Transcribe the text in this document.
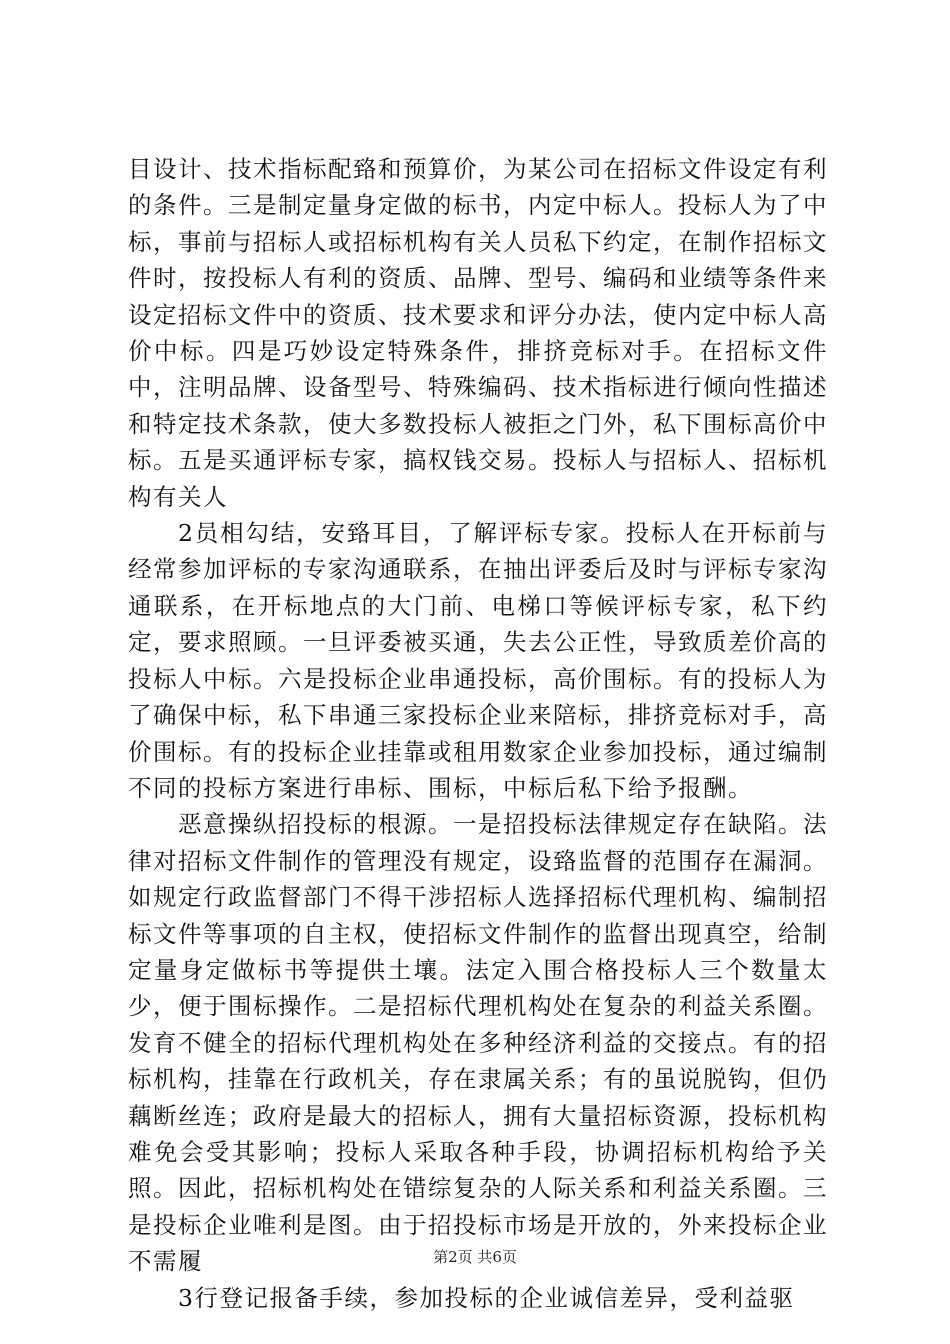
目设计、技术指标配臵和预算价，为某公司在招标文件设定有利的条件。三是制定量身定做的标书，内定中标人。投标人为了中标，事前与招标人或招标机构有关人员私下约定，在制作招标文件时，按投标人有利的资质、品牌、型号、编码和业绩等条件来设定招标文件中的资质、技术要求和评分办法，使内定中标人高价中标。四是巧妙设定特殊条件，排挤竞标对手。在招标文件中，注明品牌、设备型号、特殊编码、技术指标进行倾向性描述和特定技术条款，使大多数投标人被拒之门外，私下围标高价中标。五是买通评标专家，搞权钱交易。投标人与招标人、招标机构有关人

2员相勾结，安臵耳目，了解评标专家。投标人在开标前与经常参加评标的专家沟通联系，在抽出评委后及时与评标专家沟通联系，在开标地点的大门前、电梯口等候评标专家，私下约定，要求照顾。一旦评委被买通，失去公正性，导致质差价高的投标人中标。六是投标企业串通投标，高价围标。有的投标人为了确保中标，私下串通三家投标企业来陪标，排挤竞标对手，高价围标。有的投标企业挂靠或租用数家企业参加投标，通过编制不同的投标方案进行串标、围标，中标后私下给予报酬。

恶意操纵招投标的根源。一是招投标法律规定存在缺陷。法律对招标文件制作的管理没有规定，设臵监督的范围存在漏洞。如规定行政监督部门不得干涉招标人选择招标代理机构、编制招标文件等事项的自主权，使招标文件制作的监督出现真空，给制定量身定做标书等提供土壤。法定入围合格投标人三个数量太少，便于围标操作。二是招标代理机构处在复杂的利益关系圈。发育不健全的招标代理机构处在多种经济利益的交接点。有的招标机构，挂靠在行政机关，存在隶属关系；有的虽说脱钩，但仍藕断丝连；政府是最大的招标人，拥有大量招标资源，投标机构难免会受其影响；投标人采取各种手段，协调招标机构给予关照。因此，招标机构处在错综复杂的人际关系和利益关系圈。三是投标企业唯利是图。由于招投标市场是开放的，外来投标企业不需履

3行登记报备手续，参加投标的企业诚信差异，受利益驱

第2页 共6页
